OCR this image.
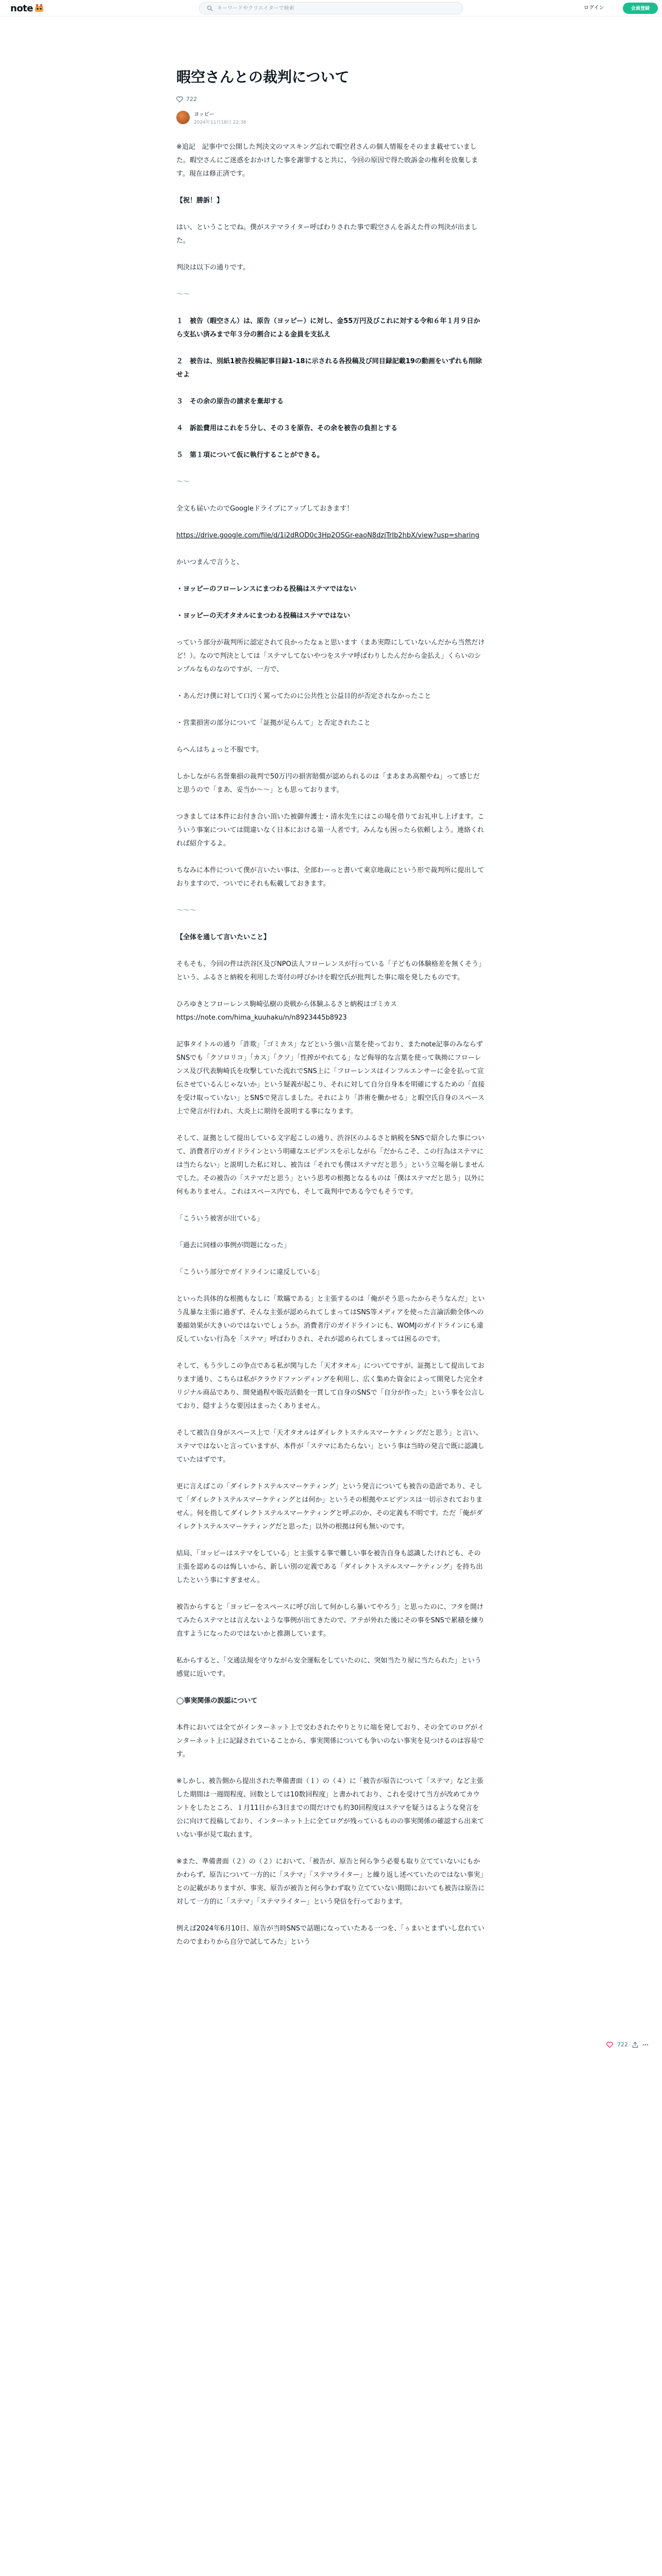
note
キーワードやクリエイターで検索	ログイン	会員登録
暇空さんとの裁判について
722
ヨッピー
2024年11月18日 22:36

※追記　記事中で公開した判決文のマスキング忘れで暇空君さんの個人情報をそのまま載せていました。暇空さんにご迷惑をおかけした事を謝罪すると共に、今回の原因で得た敗訴金の権利を放棄します。現在は修正済です。

【祝！勝訴！】

はい、ということでね。僕がステマライター呼ばわりされた事で暇空さんを訴えた件の判決が出ました。

判決は以下の通りです。

〜〜

１　被告（暇空さん）は、原告（ヨッピー）に対し、金55万円及びこれに対する令和６年１月９日から支払い済みまで年３分の割合による金員を支払え

２　被告は、別紙1被告投稿記事目録1-18に示される各投稿及び同目録記載19の動画をいずれも削除せよ

３　その余の原告の請求を棄却する

４　訴訟費用はこれを５分し、その３を原告、その余を被告の負担とする

５　第１項について仮に執行することができる。

〜〜

全文も届いたのでGoogleドライブにアップしておきます！

https://drive.google.com/file/d/1i2dROD0c3Hp2OSGr-eaoN8dzjTrIb2hbX/view?usp=sharing

かいつまんで言うと、

・ヨッピーのフローレンスにまつわる投稿はステマではない

・ヨッピーの天才タオルにまつわる投稿はステマではない

っていう部分が裁判所に認定されて良かったなぁと思います（まあ実際にしていないんだから当然だけど！）。なので判決としては「ステマしてないやつをステマ呼ばわりしたんだから金払え」くらいのシンプルなものなのですが、一方で、

・あんだけ僕に対して口汚く罵ってたのに公共性と公益目的が否定されなかったこと

・営業損害の部分について「証拠が足らんて」と否定されたこと

らへんはちょっと不服です。

しかしながら名誉棄損の裁判で50万円の損害賠償が認められるのは「まあまあ高額やね」って感じだと思うので「まあ、妥当か〜〜」とも思っております。

つきましては本件にお付き合い頂いた被御弁護士・清水先生にはこの場を借りてお礼申し上げます。こういう事案については間違いなく日本における第一人者です。みんなも困ったら依頼しよう。連絡くれれば紹介するよ。

ちなみに本件について僕が言いたい事は、全部わーっと書いて東京地裁にという形で裁判所に提出しておりますので、ついでにそれも転載しておきます。

〜〜〜

【全体を通して言いたいこと】

そもそも、今回の件は渋谷区及びNPO法人フローレンスが行っている「子どもの体験格差を無くそう」という、ふるさと納税を利用した寄付の呼びかけを暇空氏が批判した事に端を発したものです。

ひろゆきとフローレンス駒崎弘樹の炎戦から体験ふるさと納税はゴミカスhttps://note.com/hima_kuuhaku/n/n8923445b8923

記事タイトルの通り「詐欺」「ゴミカス」などという強い言葉を使っており、またnote記事のみならずSNSでも「クソロリコ」「カス」「クソ」「性搾がやれてる」など侮辱的な言葉を使って執拗にフローレンス及び代表駒崎氏を攻撃していた流れでSNS上に「フローレンスはインフルエンサーに金を払って宣伝させているんじゃないか」という疑義が起こり、それに対して自分自身本を明確にするための「直接を受け取っていない」とSNSで発言しました。それにより「詐術を働かせる」と暇空氏自身のスペース上で発言が行われ、大炎上に期待を説明する事になります。

そして、証拠として提出している文字起こしの通り、渋谷区のふるさと納税をSNSで紹介した事について、消費者庁のガイドラインという明確なエビデンスを示しながら「だからこそ、この行為はステマには当たらない」と説明した私に対し、被告は「それでも僕はステマだと思う」という立場を崩しませんでした。その被告の「ステマだと思う」という思考の根拠となるものは「僕はステマだと思う」以外に何もありません。これはスペース内でも、そして裁判中である今でもそうです。

「こういう被害が出ている」

「過去に同様の事例が問題になった」

「こういう部分でガイドラインに違反している」

といった具体的な根拠もなしに「欺瞞である」と主張するのは「俺がそう思ったからそうなんだ」という乱暴な主張に過ぎず、そんな主張が認められてしまってはSNS等メディアを使った言論活動全体への萎縮効果が大きいのではないでしょうか。消費者庁のガイドラインにも、WOMJのガイドラインにも違反していない行為を「ステマ」呼ばわりされ、それが認められてしまっては困るのです。

そして、もう少しこの争点である私が関与した「天才タオル」についてですが、証拠として提出しております通り、こちらは私がクラウドファンディングを利用し、広く集めた資金によって開発した完全オリジナル商品であり、開発過程や販売活動を一貫して自身のSNSで「自分が作った」という事を公言しており、隠すような要因はまったくありません。

そして被告自身がスペース上で「天才タオルはダイレクトステルスマーケティングだと思う」と言い、ステマではないと言っていますが、本件が「ステマにあたらない」という事は当時の発言で既に認識していたはずです。

更に言えばこの「ダイレクトステルスマーケティング」という発言についても被告の造語であり、そして「ダイレクトステルスマーケティングとは何か」というその根拠やエビデンスは一切示されておりません。何を指してダイレクトステルスマーケティングと呼ぶのか、その定義も不明です。ただ「俺がダイレクトステルスマーケティングだと思った」以外の根拠は何も無いのです。

結局、「ヨッピーはステマをしている」と主張する事で難しい事を被告自身も認識したけれども、その主張を認めるのは悔しいから、新しい別の定義である「ダイレクトステルスマーケティング」を持ち出したという事にすぎません。

被告からすると「ヨッピーをスペースに呼び出して何かしら暴いてやろう」と思ったのに、フタを開けてみたらステマとは言えないような事例が出てきたので、アテが外れた後にその事をSNSで累積を練り直すようになったのではないかと推測しています。

私からすると、「交通法規を守りながら安全運転をしていたのに、突如当たり屋に当たられた」という感覚に近いです。

◯事実関係の誤認について

本件においては全てがインターネット上で交わされたやりとりに端を発しており、その全てのログがインターネット上に記録されていることから、事実関係についても争いのない事実を見つけるのは容易です。

※しかし、被告側から提出された準備書面（１）の（４）に「被告が原告について「ステマ」など主張した期間は一週間程度、回数としては10数回程度」と書かれており、これを受けて当方が改めてカウントをしたところ、１月11日から3日までの間だけでも約30回程度はステマを疑うはるような発言を公に向けて投稿しており、インターネット上に全てログが残っているものの事実関係の確認すら出来ていない事が見て取れます。

※また、準備書面（２）の（２）において、「被告が、原告と何ら争う必要も取り立てていないにもかかわらず、原告について一方的に「ステマ」「ステマライター」と繰り返し述べていたのではない事実」との記載がありますが、事実、原告が被告と何ら争わず取り立てていない期間においても被告は原告に対して一方的に「ステマ」「ステマライター」という発信を行っております。

例えば2024年6月10日、原告が当時SNSで話題になっていたある一つを、「ぅまいとまずいし怠れていたのでまわりから自分で試してみた」という

722
